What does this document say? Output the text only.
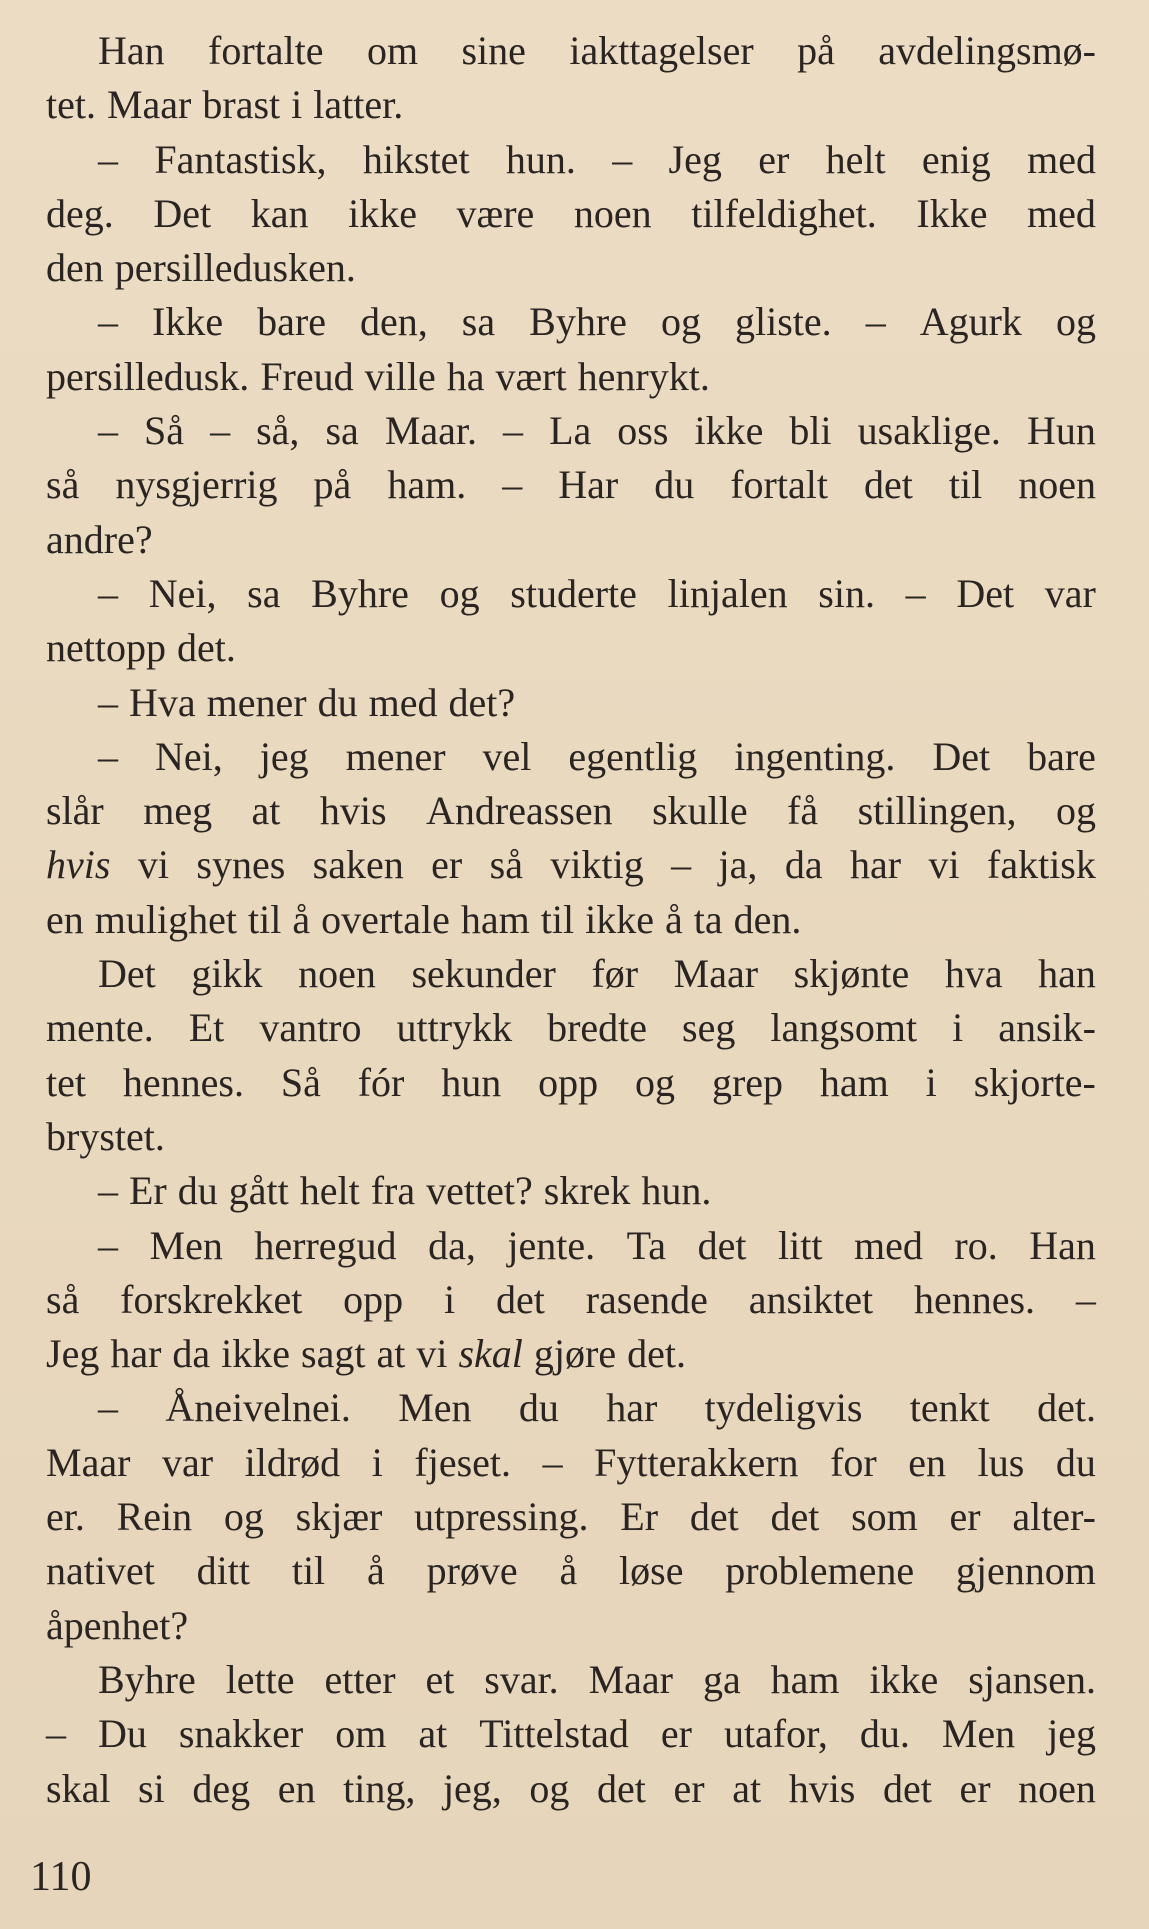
Han fortalte om sine iakttagelser på avdelingsmø-
tet. Maar brast i latter.
– Fantastisk, hikstet hun. – Jeg er helt enig med
deg. Det kan ikke være noen tilfeldighet. Ikke med
den persilledusken.
– Ikke bare den, sa Byhre og gliste. – Agurk og
persilledusk. Freud ville ha vært henrykt.
– Så – så, sa Maar. – La oss ikke bli usaklige. Hun
så nysgjerrig på ham. – Har du fortalt det til noen
andre?
– Nei, sa Byhre og studerte linjalen sin. – Det var
nettopp det.
– Hva mener du med det?
– Nei, jeg mener vel egentlig ingenting. Det bare
slår meg at hvis Andreassen skulle få stillingen, og
hvis vi synes saken er så viktig – ja, da har vi faktisk
en mulighet til å overtale ham til ikke å ta den.
Det gikk noen sekunder før Maar skjønte hva han
mente. Et vantro uttrykk bredte seg langsomt i ansik-
tet hennes. Så fór hun opp og grep ham i skjorte-
brystet.
– Er du gått helt fra vettet? skrek hun.
– Men herregud da, jente. Ta det litt med ro. Han
så forskrekket opp i det rasende ansiktet hennes. –
Jeg har da ikke sagt at vi skal gjøre det.
– Åneivelnei. Men du har tydeligvis tenkt det.
Maar var ildrød i fjeset. – Fytterakkern for en lus du
er. Rein og skjær utpressing. Er det det som er alter-
nativet ditt til å prøve å løse problemene gjennom
åpenhet?
Byhre lette etter et svar. Maar ga ham ikke sjansen.
– Du snakker om at Tittelstad er utafor, du. Men jeg
skal si deg en ting, jeg, og det er at hvis det er noen
110
